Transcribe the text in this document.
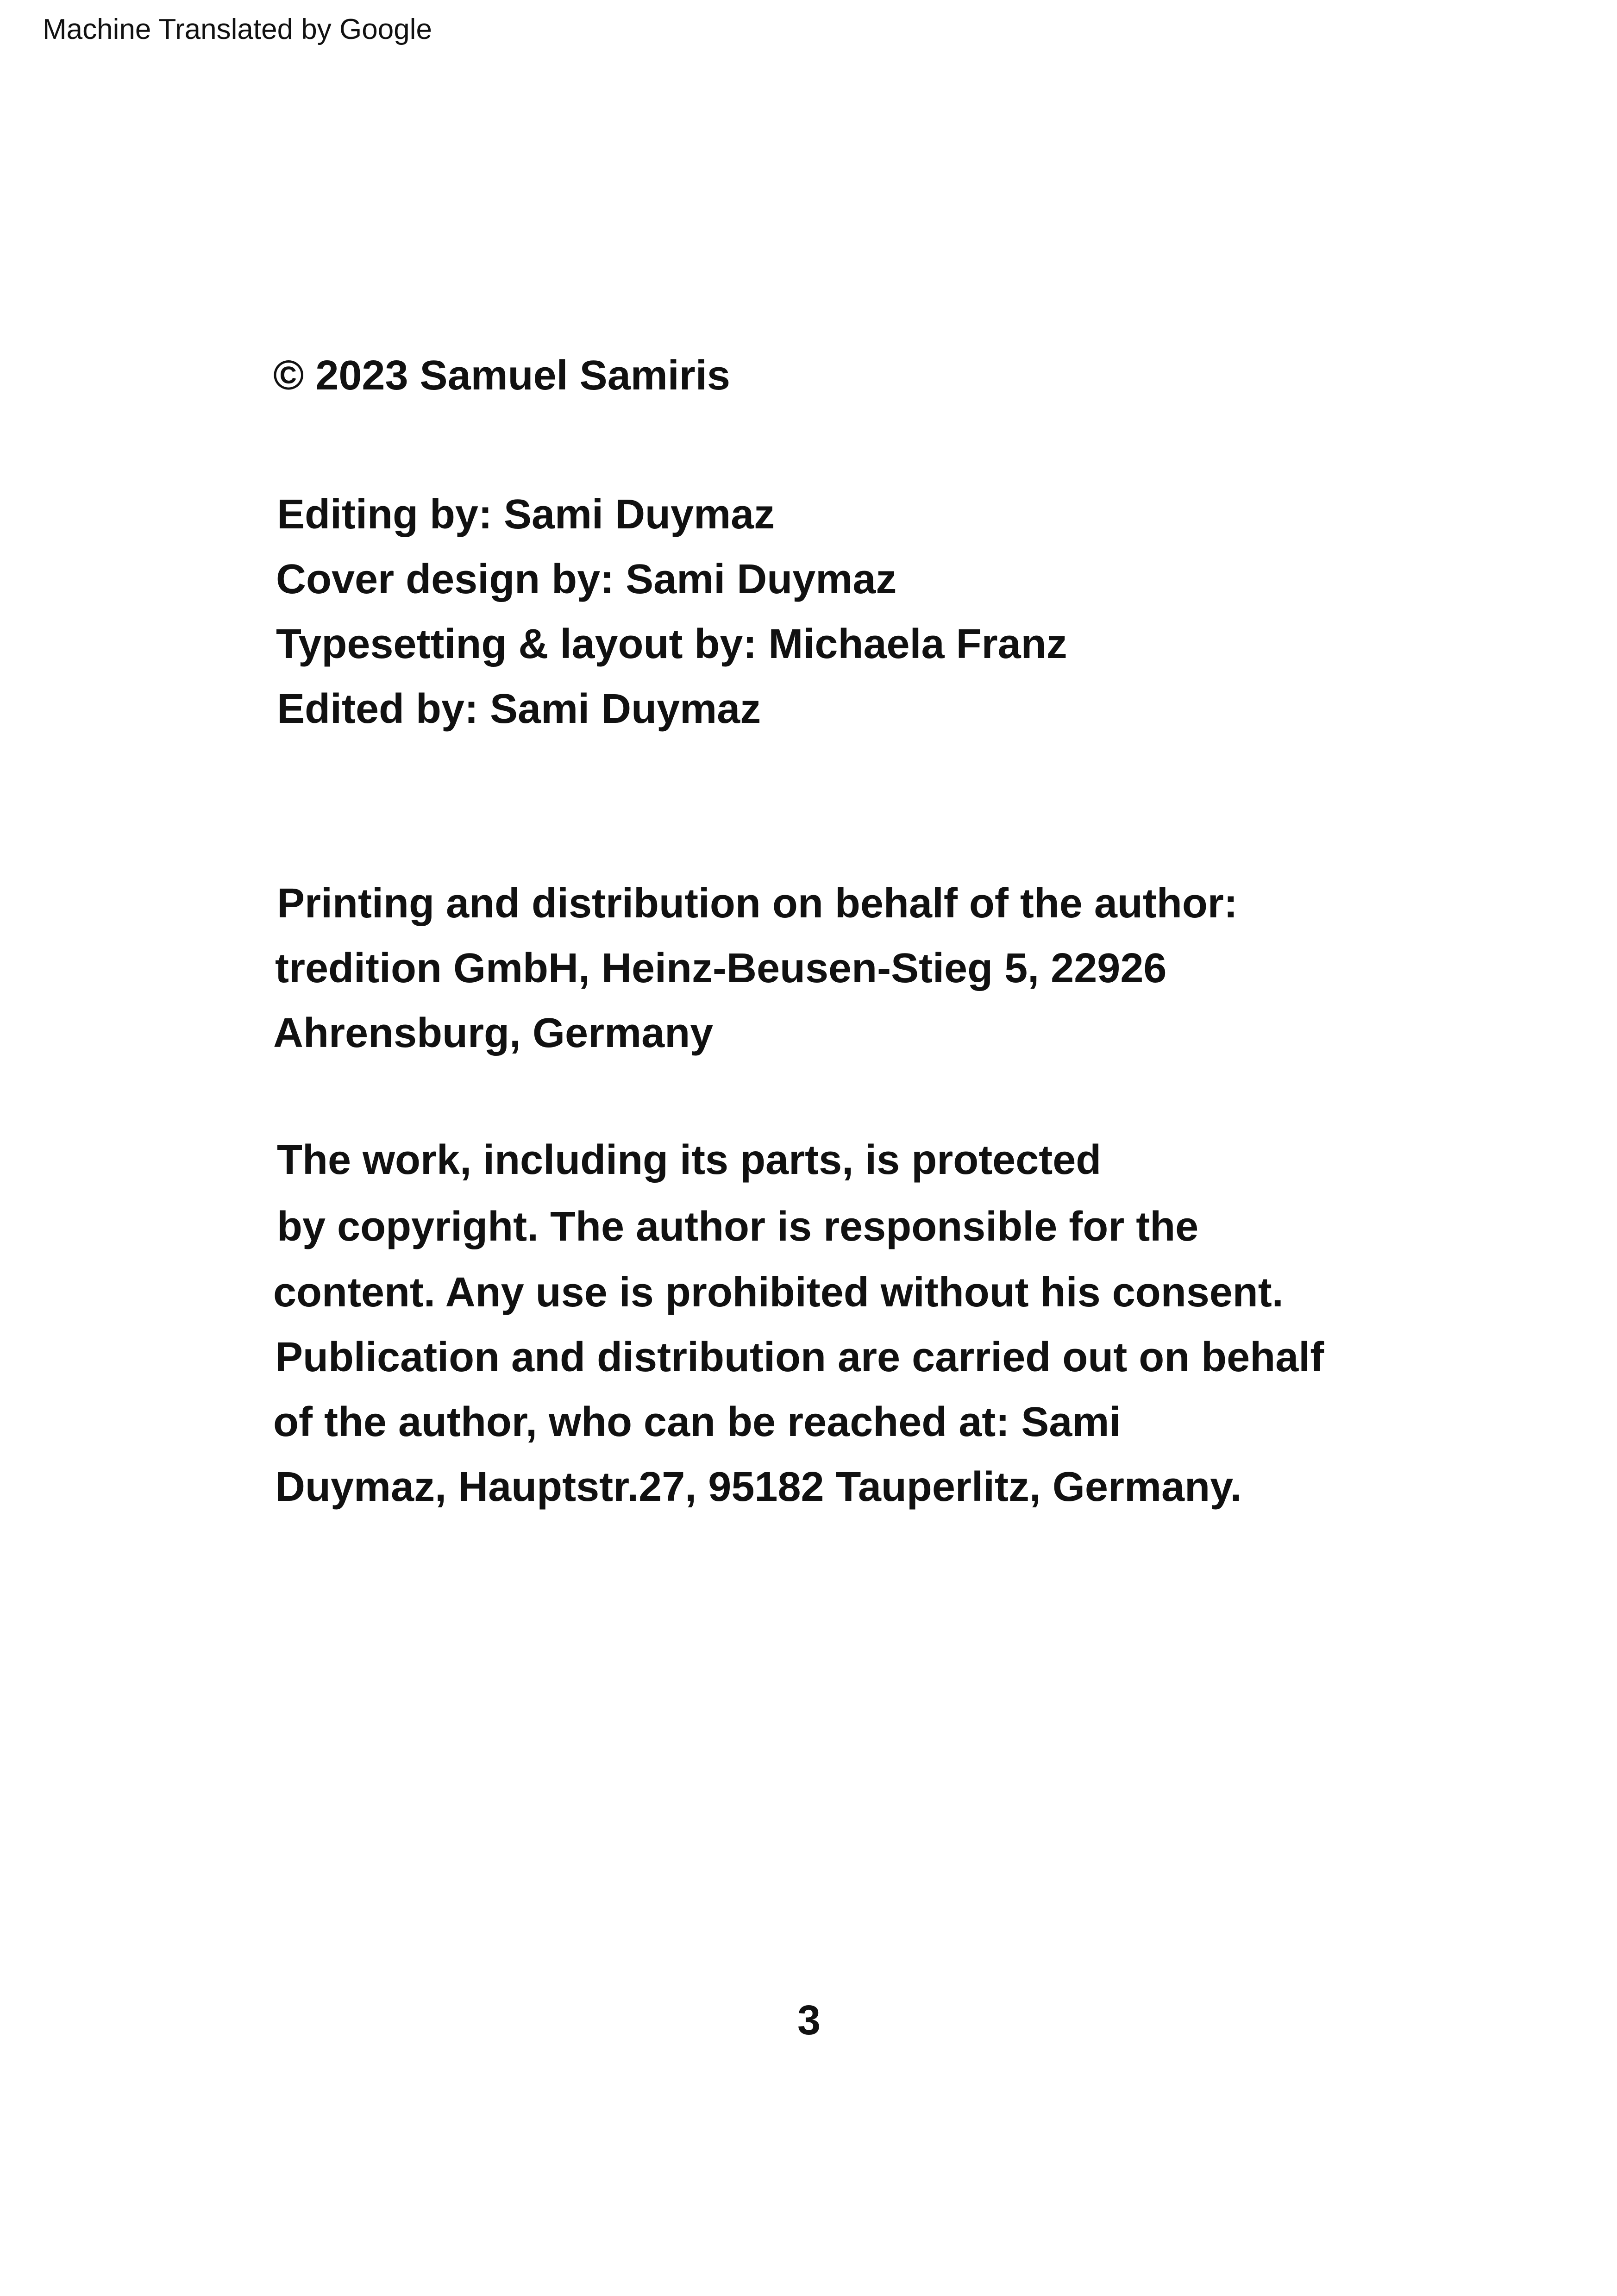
Machine Translated by Google
© 2023 Samuel Samiris
Editing by: Sami Duymaz
Cover design by: Sami Duymaz
Typesetting & layout by: Michaela Franz
Edited by: Sami Duymaz
Printing and distribution on behalf of the author:
tredition GmbH, Heinz-Beusen-Stieg 5, 22926
Ahrensburg, Germany
The work, including its parts, is protected
by copyright. The author is responsible for the
content. Any use is prohibited without his consent.
Publication and distribution are carried out on behalf
of the author, who can be reached at: Sami
Duymaz, Hauptstr.27, 95182 Tauperlitz, Germany.
3
